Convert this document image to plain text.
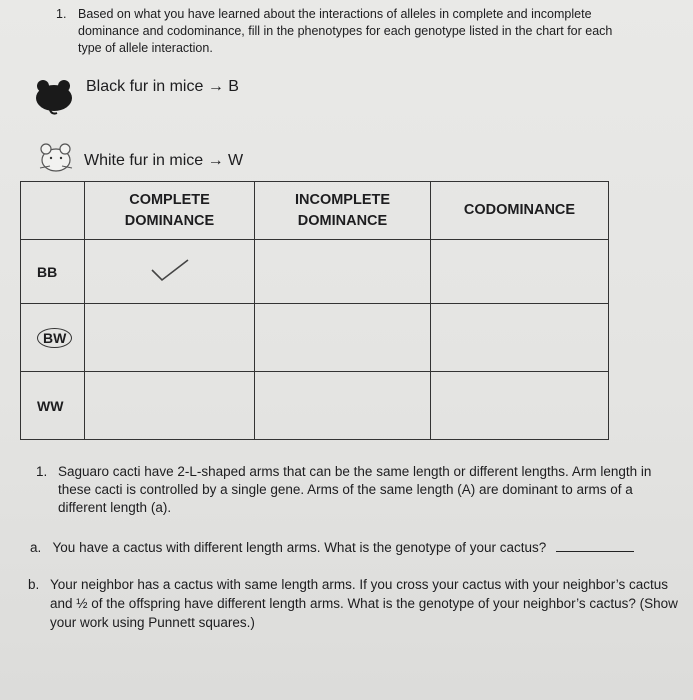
1. Based on what you have learned about the interactions of alleles in complete and incomplete dominance and codominance, fill in the phenotypes for each genotype listed in the chart for each type of allele interaction.
Black fur in mice → B
White fur in mice → W
	COMPLETE DOMINANCE	INCOMPLETE DOMINANCE	CODOMINANCE
BB			
BW			
WW			
1. Saguaro cacti have 2-L-shaped arms that can be the same length or different lengths. Arm length in these cacti is controlled by a single gene. Arms of the same length (A) are dominant to arms of a different length (a).
a. You have a cactus with different length arms. What is the genotype of your cactus?
b. Your neighbor has a cactus with same length arms. If you cross your cactus with your neighbor’s cactus and ½ of the offspring have different length arms. What is the genotype of your neighbor’s cactus? (Show your work using Punnett squares.)
